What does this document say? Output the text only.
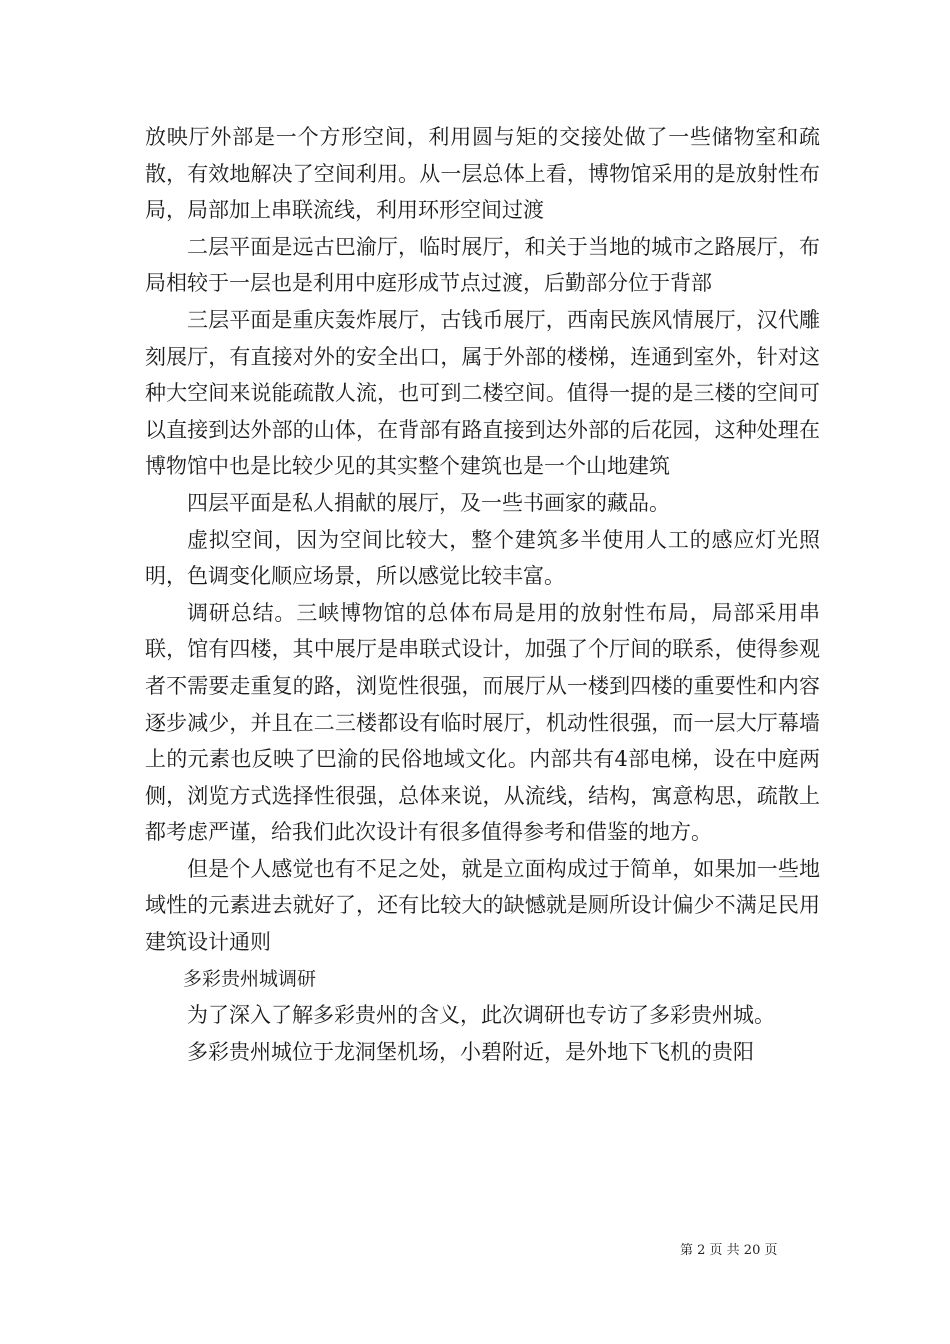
放映厅外部是一个方形空间，利用圆与矩的交接处做了一些储物室和疏散，有效地解决了空间利用。从一层总体上看，博物馆采用的是放射性布局，局部加上串联流线，利用环形空间过渡

二层平面是远古巴渝厅，临时展厅，和关于当地的城市之路展厅，布局相较于一层也是利用中庭形成节点过渡，后勤部分位于背部

三层平面是重庆轰炸展厅，古钱币展厅，西南民族风情展厅，汉代雕刻展厅，有直接对外的安全出口，属于外部的楼梯，连通到室外，针对这种大空间来说能疏散人流，也可到二楼空间。值得一提的是三楼的空间可以直接到达外部的山体，在背部有路直接到达外部的后花园，这种处理在博物馆中也是比较少见的其实整个建筑也是一个山地建筑

四层平面是私人捐献的展厅，及一些书画家的藏品。

虚拟空间，因为空间比较大，整个建筑多半使用人工的感应灯光照明，色调变化顺应场景，所以感觉比较丰富。

调研总结。三峡博物馆的总体布局是用的放射性布局，局部采用串联，馆有四楼，其中展厅是串联式设计，加强了个厅间的联系，使得参观者不需要走重复的路，浏览性很强，而展厅从一楼到四楼的重要性和内容逐步减少，并且在二三楼都设有临时展厅，机动性很强，而一层大厅幕墙上的元素也反映了巴渝的民俗地域文化。内部共有4部电梯，设在中庭两侧，浏览方式选择性很强，总体来说，从流线，结构，寓意构思，疏散上都考虑严谨，给我们此次设计有很多值得参考和借鉴的地方。

但是个人感觉也有不足之处，就是立面构成过于简单，如果加一些地域性的元素进去就好了，还有比较大的缺憾就是厕所设计偏少不满足民用建筑设计通则

多彩贵州城调研

为了深入了解多彩贵州的含义，此次调研也专访了多彩贵州城。

多彩贵州城位于龙洞堡机场，小碧附近，是外地下飞机的贵阳

第 2 页 共 20 页
